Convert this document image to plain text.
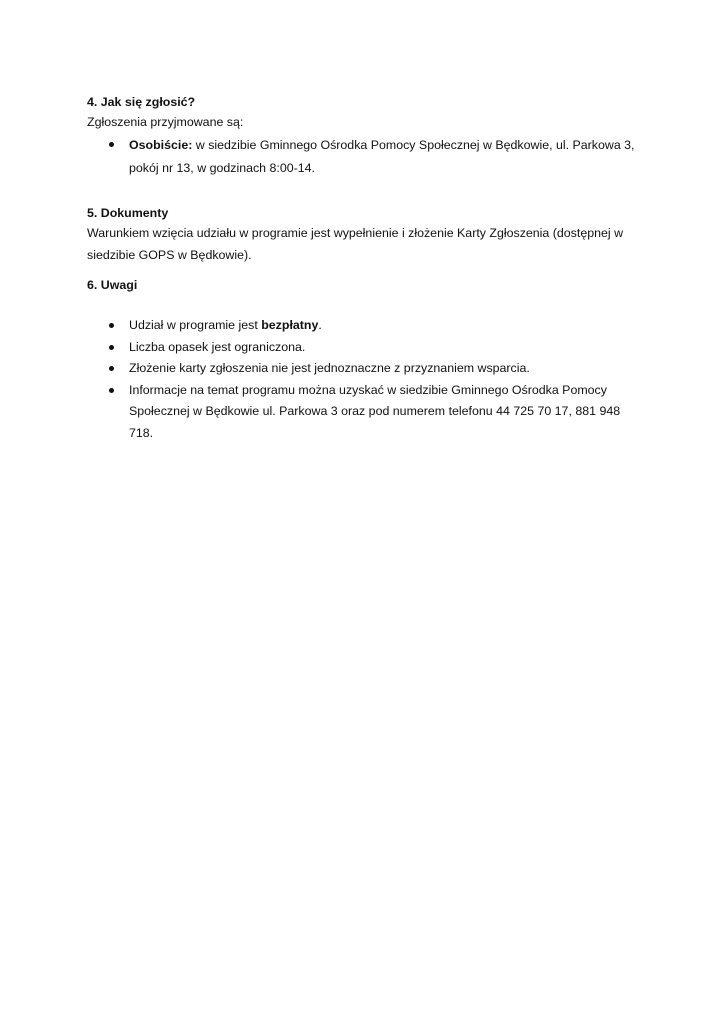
4. Jak się zgłosić?
Zgłoszenia przyjmowane są:
Osobiście: w siedzibie Gminnego Ośrodka Pomocy Społecznej w Będkowie, ul. Parkowa 3, pokój nr 13, w godzinach 8:00-14.
5. Dokumenty
Warunkiem wzięcia udziału w programie jest wypełnienie i złożenie Karty Zgłoszenia (dostępnej w siedzibie GOPS w Będkowie).
6. Uwagi
Udział w programie jest bezpłatny.
Liczba opasek jest ograniczona.
Złożenie karty zgłoszenia nie jest jednoznaczne z przyznaniem wsparcia.
Informacje na temat programu można uzyskać w siedzibie Gminnego Ośrodka Pomocy Społecznej w Będkowie ul. Parkowa 3 oraz pod numerem telefonu 44 725 70 17, 881 948 718.
